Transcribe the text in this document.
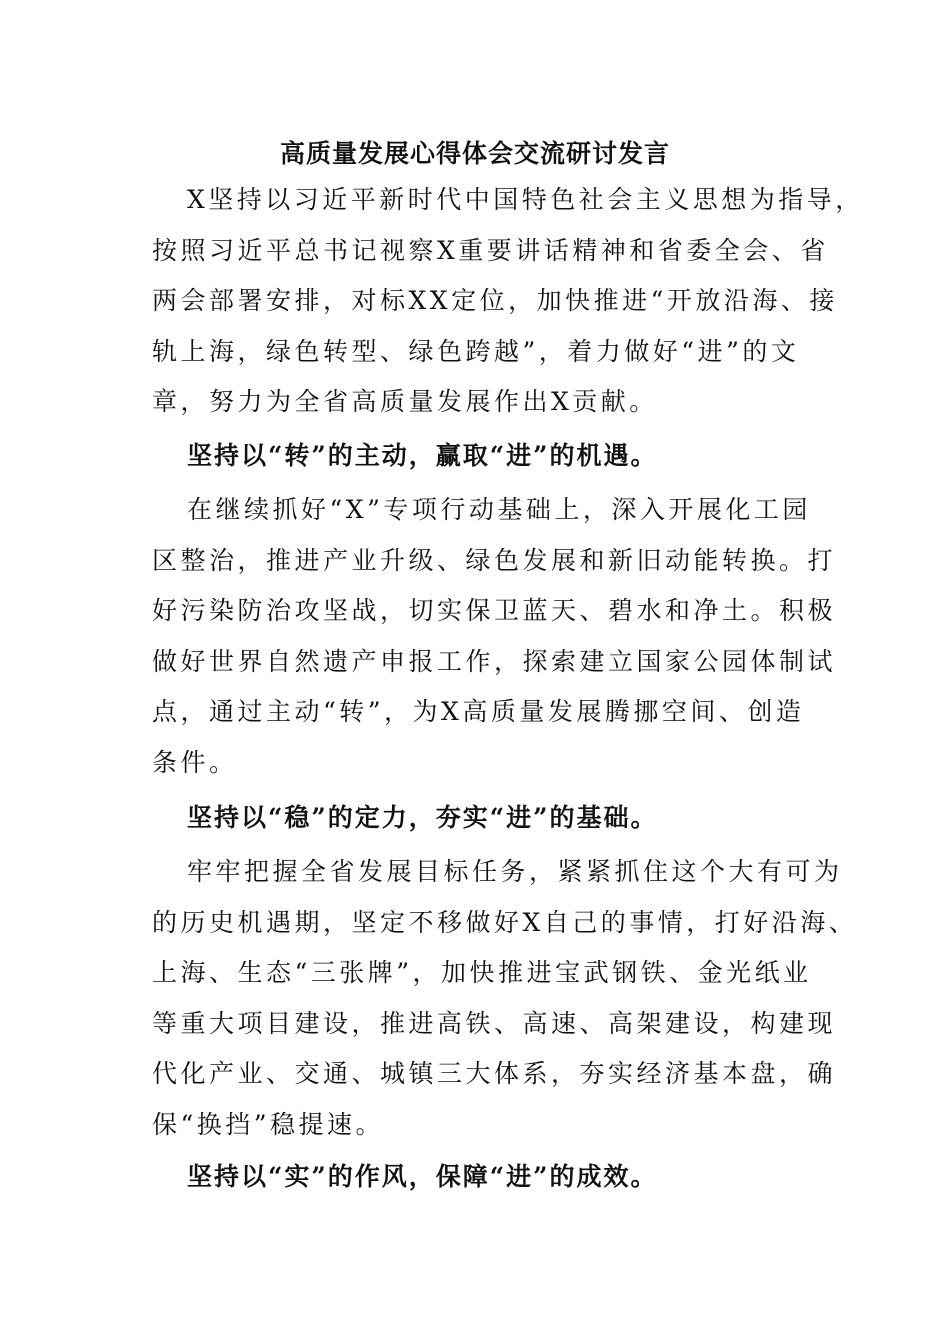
高质量发展心得体会交流研讨发言
X坚持以习近平新时代中国特色社会主义思想为指导，
按照习近平总书记视察X重要讲话精神和省委全会、省
两会部署安排，对标XX定位，加快推进“开放沿海、接
轨上海，绿色转型、绿色跨越”，着力做好“进”的文
章，努力为全省高质量发展作出X贡献。
坚持以“转”的主动，赢取“进”的机遇。
在继续抓好“X”专项行动基础上，深入开展化工园
区整治，推进产业升级、绿色发展和新旧动能转换。打
好污染防治攻坚战，切实保卫蓝天、碧水和净土。积极
做好世界自然遗产申报工作，探索建立国家公园体制试
点，通过主动“转”，为X高质量发展腾挪空间、创造
条件。
坚持以“稳”的定力，夯实“进”的基础。
牢牢把握全省发展目标任务，紧紧抓住这个大有可为
的历史机遇期，坚定不移做好X自己的事情，打好沿海、
上海、生态“三张牌”，加快推进宝武钢铁、金光纸业
等重大项目建设，推进高铁、高速、高架建设，构建现
代化产业、交通、城镇三大体系，夯实经济基本盘，确
保“换挡”稳提速。
坚持以“实”的作风，保障“进”的成效。
